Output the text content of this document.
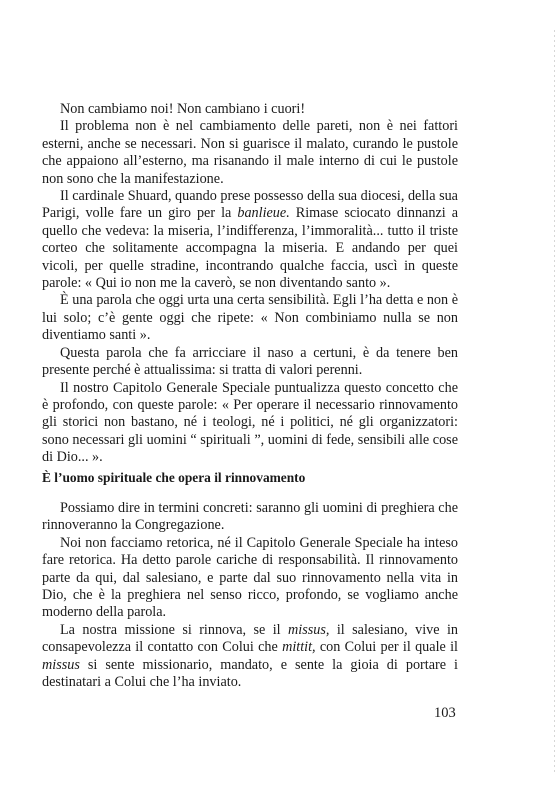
Non cambiamo noi! Non cambiano i cuori!

Il problema non è nel cambiamento delle pareti, non è nei fattori esterni, anche se necessari. Non si guarisce il malato, curando le pustole che appaiono all’esterno, ma risanando il male interno di cui le pustole non sono che la manifestazione.

Il cardinale Shuard, quando prese possesso della sua diocesi, della sua Parigi, volle fare un giro per la banlieue. Rimase sciocato dinnanzi a quello che vedeva: la miseria, l’indifferenza, l’immoralità... tutto il triste corteo che solitamente accompagna la miseria. E andando per quei vicoli, per quelle stradine, incontrando qualche faccia, uscì in queste parole: « Qui io non me la caverò, se non diventando santo ».

È una parola che oggi urta una certa sensibilità. Egli l’ha detta e non è lui solo; c’è gente oggi che ripete: « Non combiniamo nulla se non diventiamo santi ».

Questa parola che fa arricciare il naso a certuni, è da tenere ben presente perché è attualissima: si tratta di valori perenni.

Il nostro Capitolo Generale Speciale puntualizza questo concetto che è profondo, con queste parole: « Per operare il necessario rinnovamento gli storici non bastano, né i teologi, né i politici, né gli organizzatori: sono necessari gli uomini “ spirituali ”, uomini di fede, sensibili alle cose di Dio... ».

È l’uomo spirituale che opera il rinnovamento

Possiamo dire in termini concreti: saranno gli uomini di preghiera che rinnoveranno la Congregazione.

Noi non facciamo retorica, né il Capitolo Generale Speciale ha inteso fare retorica. Ha detto parole cariche di responsabilità. Il rinnovamento parte da qui, dal salesiano, e parte dal suo rinnovamento nella vita in Dio, che è la preghiera nel senso ricco, profondo, se vogliamo anche moderno della parola.

La nostra missione si rinnova, se il missus, il salesiano, vive in consapevolezza il contatto con Colui che mittit, con Colui per il quale il missus si sente missionario, mandato, e sente la gioia di portare i destinatari a Colui che l’ha inviato.

103
